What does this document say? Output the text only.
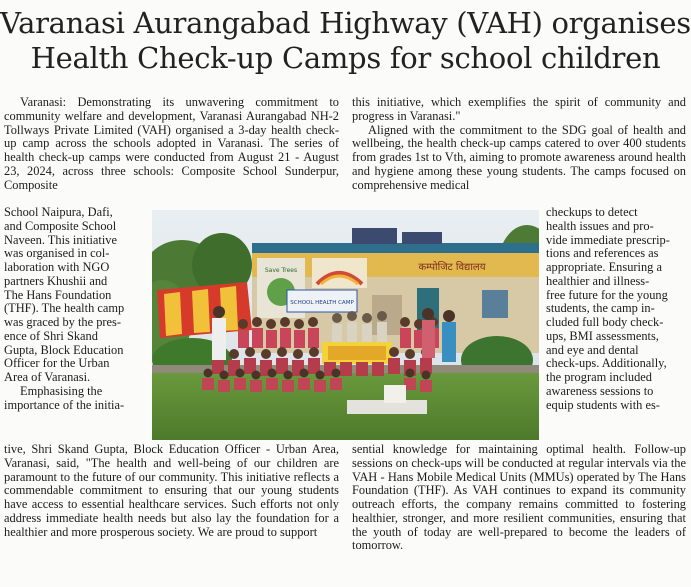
Varanasi Aurangabad Highway (VAH) organises
Health Check-up Camps for school children

Varanasi: Demonstrating its unwavering commitment to community welfare and development, Varanasi Aurangabad NH-2 Tollways Private Limited (VAH) organised a 3-day health check-up camp across the schools adopted in Varanasi. The series of health check-up camps were conducted from August 21 - August 23, 2024, across three schools: Composite School Sunderpur, Composite

School Naipura, Dafi,
and Composite School
Naveen. This initiative
was organised in col-
laboration with NGO
partners Khushii and
The Hans Foundation
(THF). The health camp
was graced by the pres-
ence of Shri Skand
Gupta, Block Education
Officer for the Urban
Area of Varanasi.
Emphasising the
importance of the initia-

tive, Shri Skand Gupta, Block Education Officer - Urban Area, Varanasi, said, "The health and well-being of our children are paramount to the future of our community. This initiative reflects a commendable commitment to ensuring that our young students have access to essential healthcare services. Such efforts not only address immediate health needs but also lay the foundation for a healthier and more prosperous society. We are proud to support

this initiative, which exemplifies the spirit of community and progress in Varanasi."

Aligned with the commitment to the SDG goal of health and wellbeing, the health check-up camps catered to over 400 students from grades 1st to Vth, aiming to promote awareness around health and hygiene among these young students. The camps focused on comprehensive medical

checkups to detect
health issues and pro-
vide immediate prescrip-
tions and references as
appropriate. Ensuring a
healthier and illness-
free future for the young
students, the camp in-
cluded full body check-
ups, BMI assessments,
and eye and dental
check-ups. Additionally,
the program included
awareness sessions to
equip students with es-

sential knowledge for maintaining optimal health. Follow-up sessions on check-ups will be conducted at regular intervals via the VAH - Hans Mobile Medical Units (MMUs) operated by The Hans Foundation (THF). As VAH continues to expand its community outreach efforts, the company remains committed to fostering healthier, stronger, and more resilient communities, ensuring that the youth of today are well-prepared to become the leaders of tomorrow.

कम्पोजिट विद्यालय
Save Trees
SCHOOL HEALTH CAMP
